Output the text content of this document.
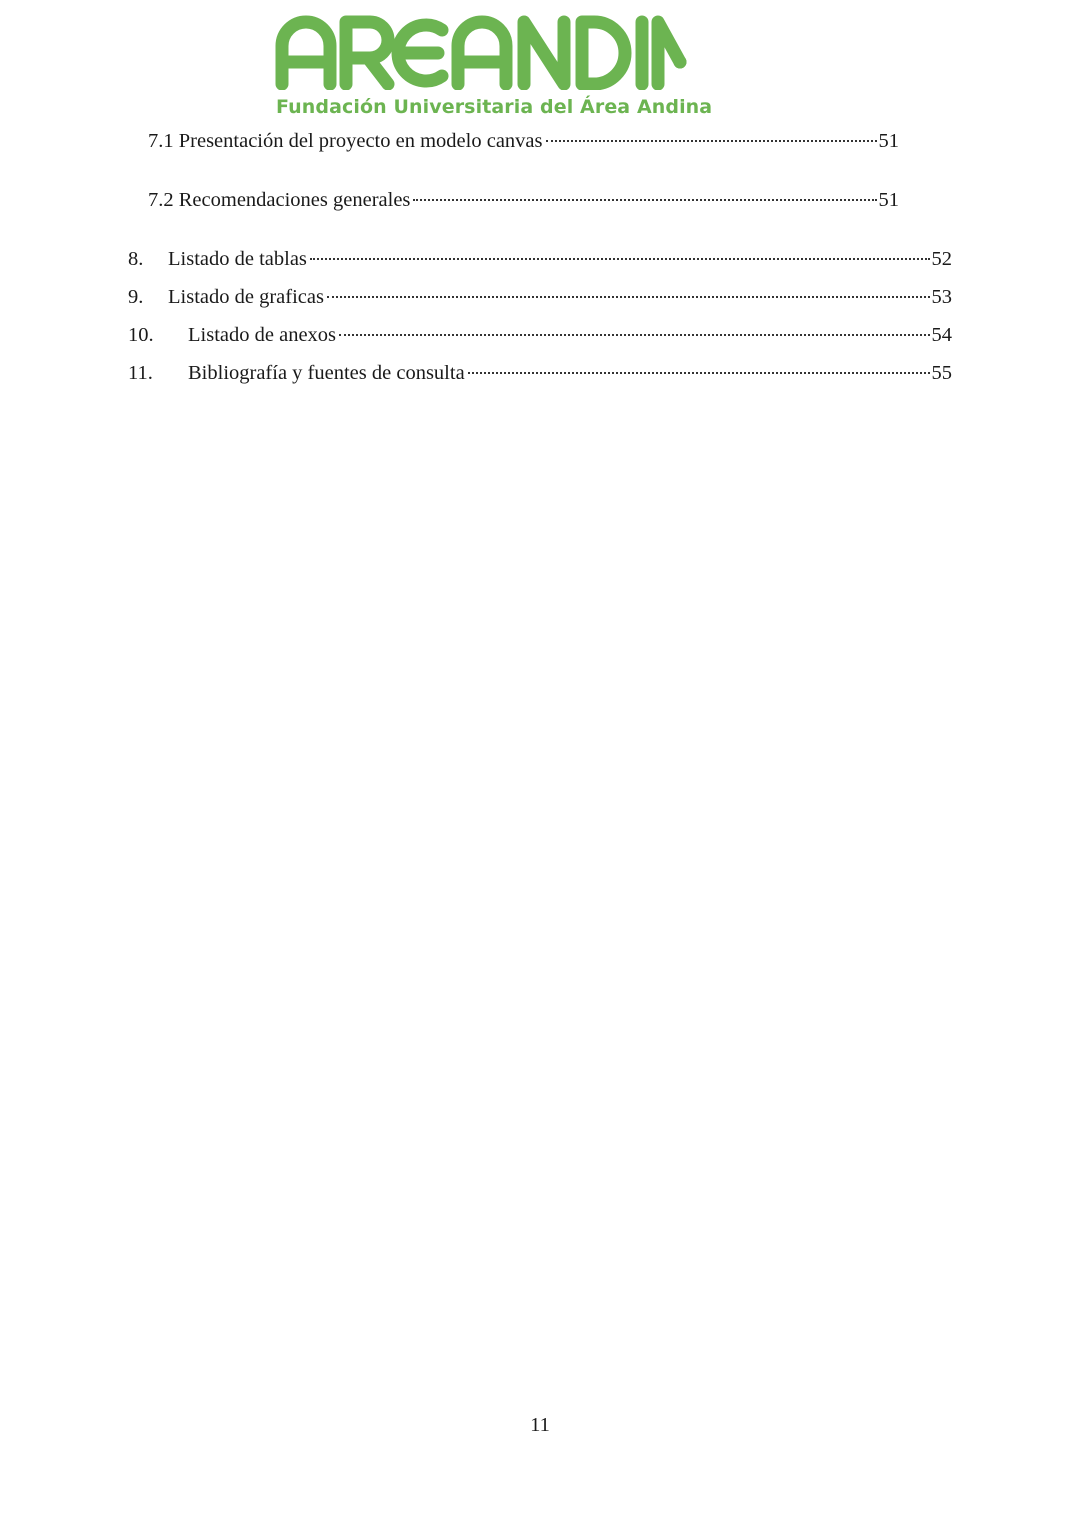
Fundación Universitaria del Área Andina
7.1 Presentación del proyecto en modelo canvas	51
7.2 Recomendaciones generales	51
8.	Listado de tablas	52
9.	Listado de graficas	53
10.	Listado de anexos	54
11.	Bibliografía y fuentes de consulta	55
11
